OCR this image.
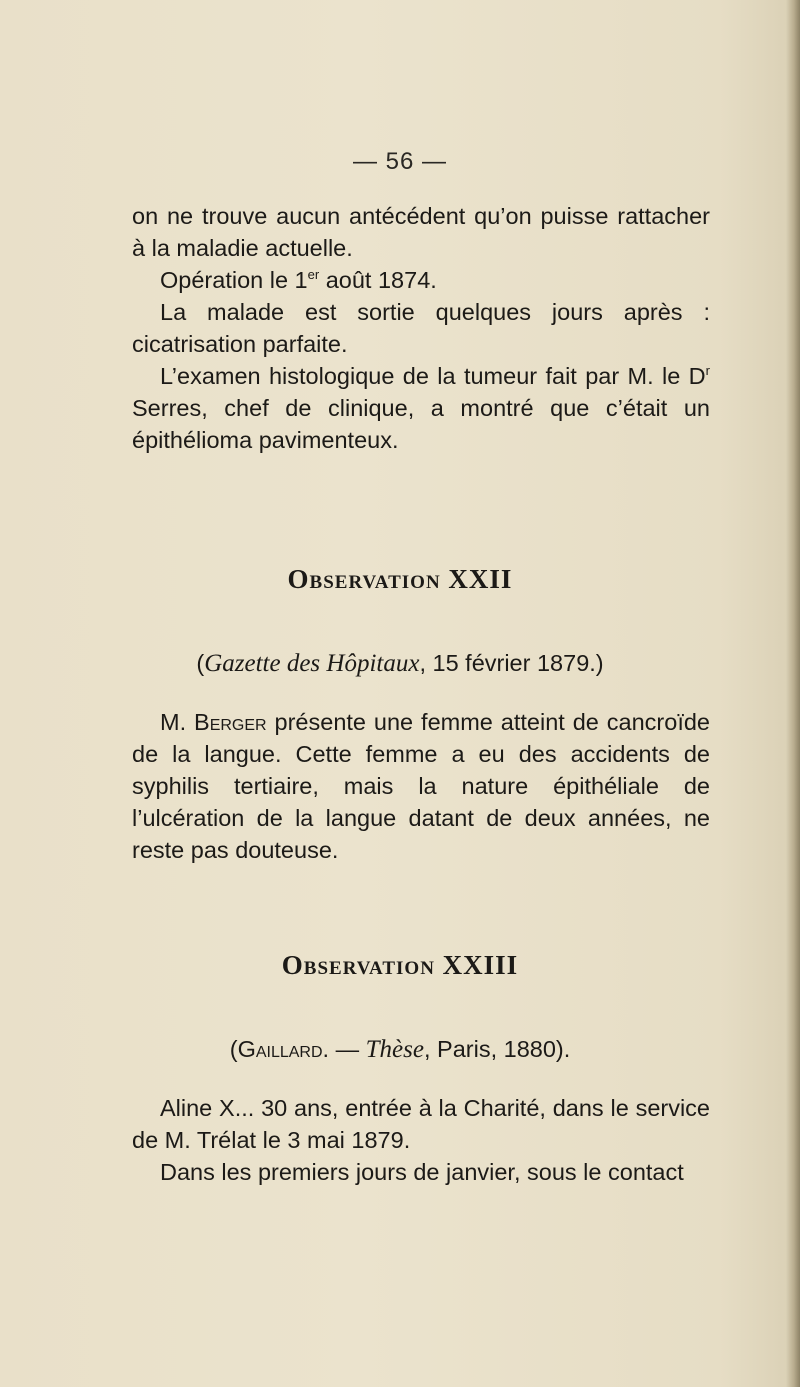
— 56 —

on ne trouve aucun antécédent qu’on puisse rattacher à la maladie actuelle.

Opération le 1er août 1874.

La malade est sortie quelques jours après : cicatrisation parfaite.

L’examen histologique de la tumeur fait par M. le $D^r$ Serres, chef de clinique, a montré que c’était un épithélioma pavimenteux.

Observation XXII

(Gazette des Hôpitaux, 15 février 1879.)

M. Berger présente une femme atteint de cancroïde de la langue. Cette femme a eu des accidents de syphilis tertiaire, mais la nature épithéliale de l’ulcération de la langue datant de deux années, ne reste pas douteuse.

Observation XXIII

(Gaillard. — Thèse, Paris, 1880).

Aline X... 30 ans, entrée à la Charité, dans le service de M. Trélat le 3 mai 1879.

Dans les premiers jours de janvier, sous le contact
